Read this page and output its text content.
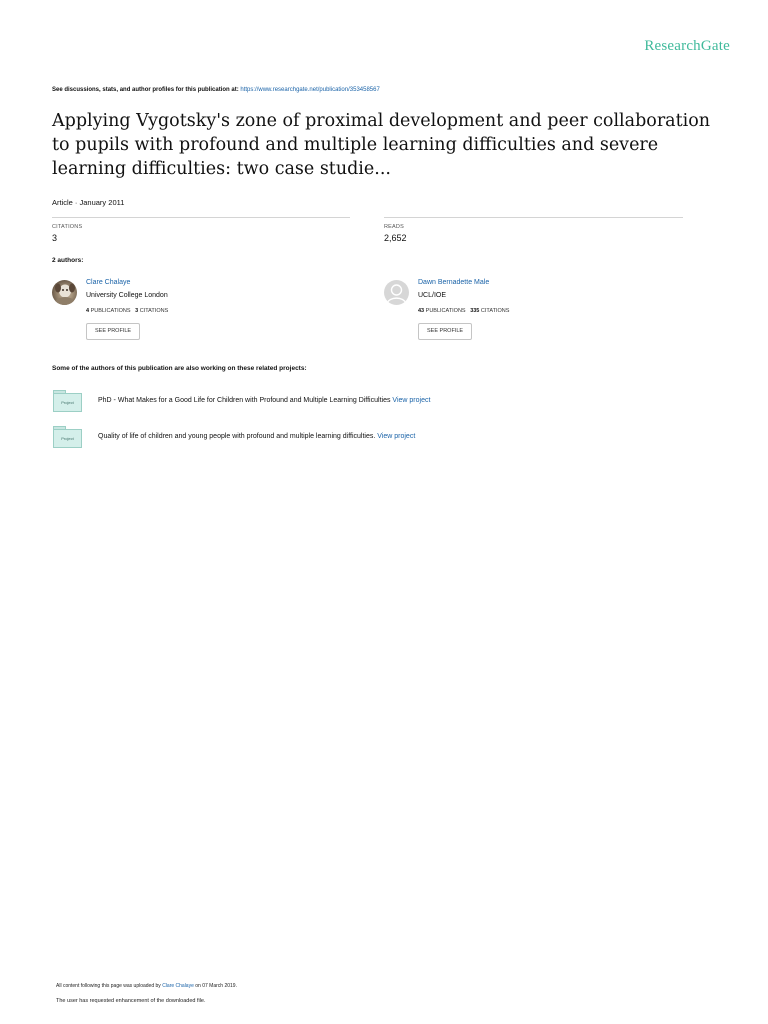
ResearchGate
See discussions, stats, and author profiles for this publication at: https://www.researchgate.net/publication/353458567
Applying Vygotsky's zone of proximal development and peer collaboration to pupils with profound and multiple learning difficulties and severe learning difficulties: two case studie...
Article · January 2011
CITATIONS
3
READS
2,652
2 authors:
Clare Chalaye
University College London
4 PUBLICATIONS 3 CITATIONS
SEE PROFILE
Dawn Bernadette Male
UCL/IOE
43 PUBLICATIONS 335 CITATIONS
SEE PROFILE
Some of the authors of this publication are also working on these related projects:
Project	PhD - What Makes for a Good Life for Children with Profound and Multiple Learning Difficulties View project
Project	Quality of life of children and young people with profound and multiple learning difficulties. View project
All content following this page was uploaded by Clare Chalaye on 07 March 2019.
The user has requested enhancement of the downloaded file.
